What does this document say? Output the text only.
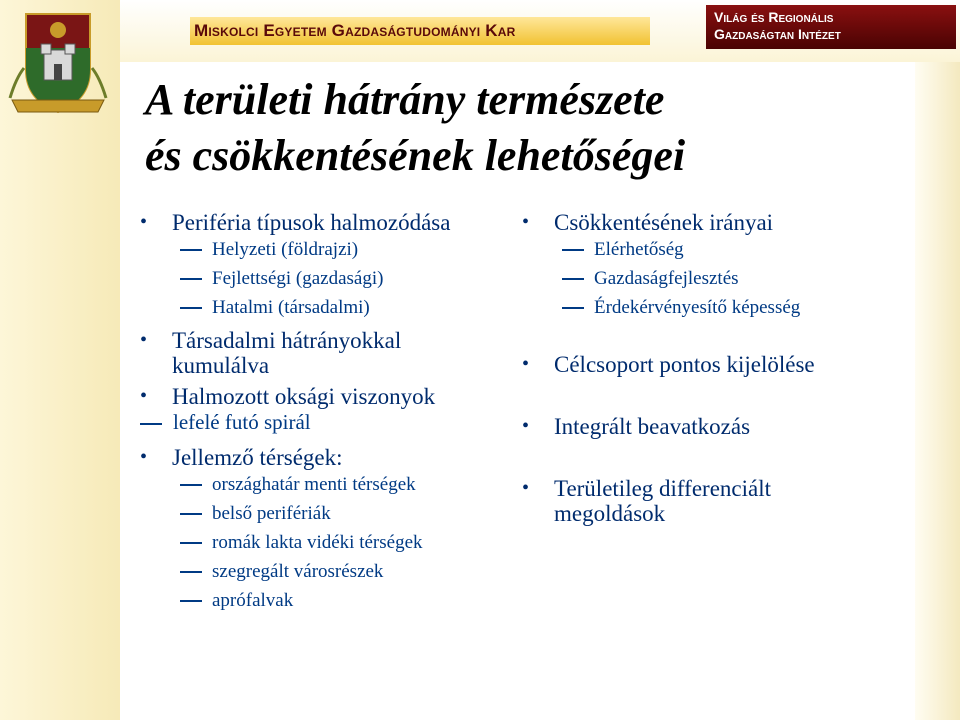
Miskolci Egyetem Gazdaságtudományi Kar
Világ és Regionális
Gazdaságtan Intézet
A területi hátrány természete
és csökkentésének lehetőségei
• Periféria típusok halmozódása
Helyzeti (földrajzi)
Fejlettségi (gazdasági)
Hatalmi (társadalmi)
• Társadalmi hátrányokkal kumulálva
• Halmozott oksági viszonyok
lefelé futó spirál
• Jellemző térségek:
országhatár menti térségek
belső perifériák
romák lakta vidéki térségek
szegregált városrészek
aprófalvak
• Csökkentésének irányai
Elérhetőség
Gazdaságfejlesztés
Érdekérvényesítő képesség
• Célcsoport pontos kijelölése
• Integrált beavatkozás
• Területileg differenciált megoldások
